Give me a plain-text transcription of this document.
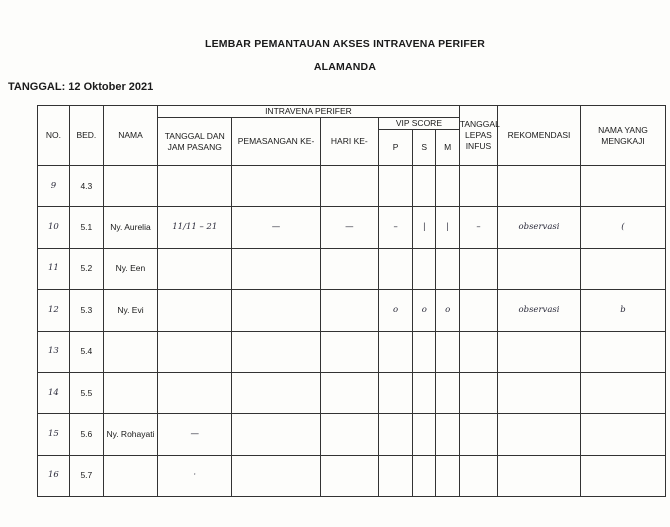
LEMBAR PEMANTAUAN AKSES INTRAVENA PERIFER
ALAMANDA
TANGGAL: 12 Oktober 2021
NO.	BED.	NAMA	INTRAVENA PERIFER						TANGGAL LEPAS INFUS	REKOMENDASI	NAMA YANG MENGKAJI
			TANGGAL DAN JAM PASANG	PEMASANGAN KE-	HARI KE-	VIP SCORE					
						P	S	M			
9	4.3										
10	5.1	Ny. Aurelia	11/11 – 21	—	—	–	|	|	–	observasi	(
11	5.2	Ny. Een									
12	5.3	Ny. Evi				o	o	o		observasi	b
13	5.4										
14	5.5										
15	5.6	Ny. Rohayati	—								
16	5.7		·								
